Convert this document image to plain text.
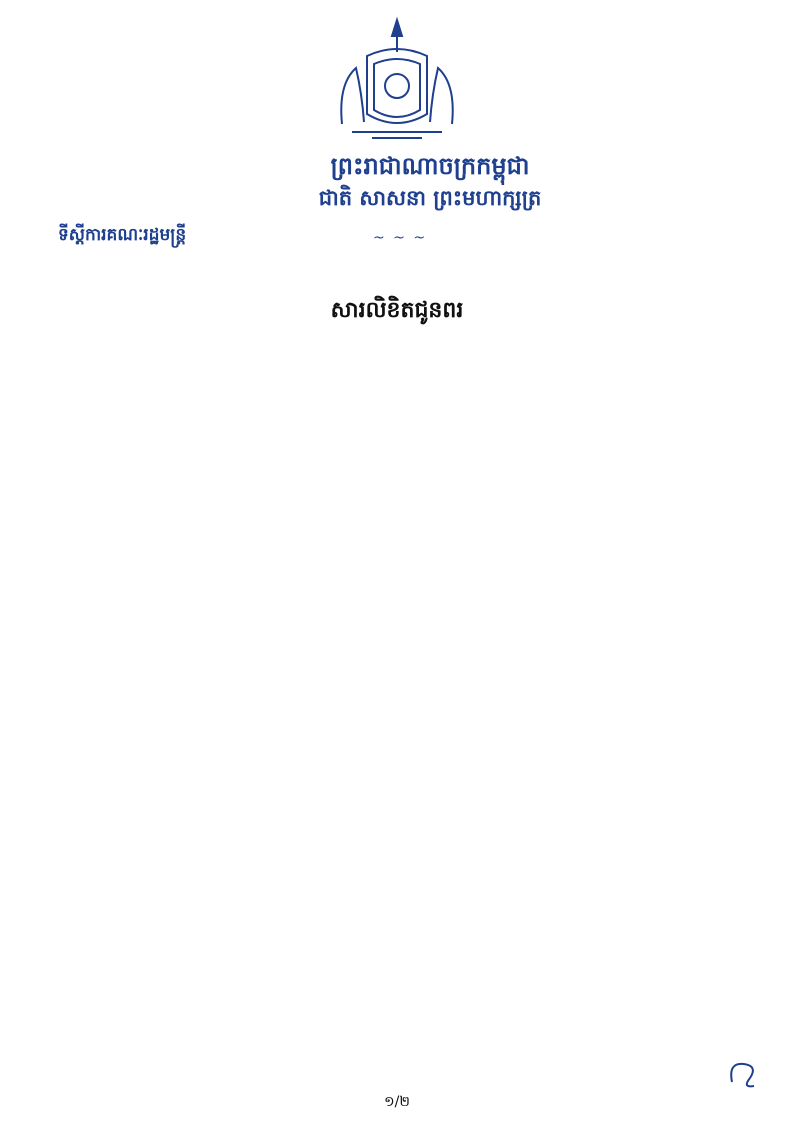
ព្រះរាជាណាចក្រកម្ពុជា
ជាតិ សាសនា ព្រះមហាក្សត្រ
~ ~ ~
ទីស្តីការគណៈរដ្ឋមន្ត្រី
សារលិខិតជូនពរ

១/២
